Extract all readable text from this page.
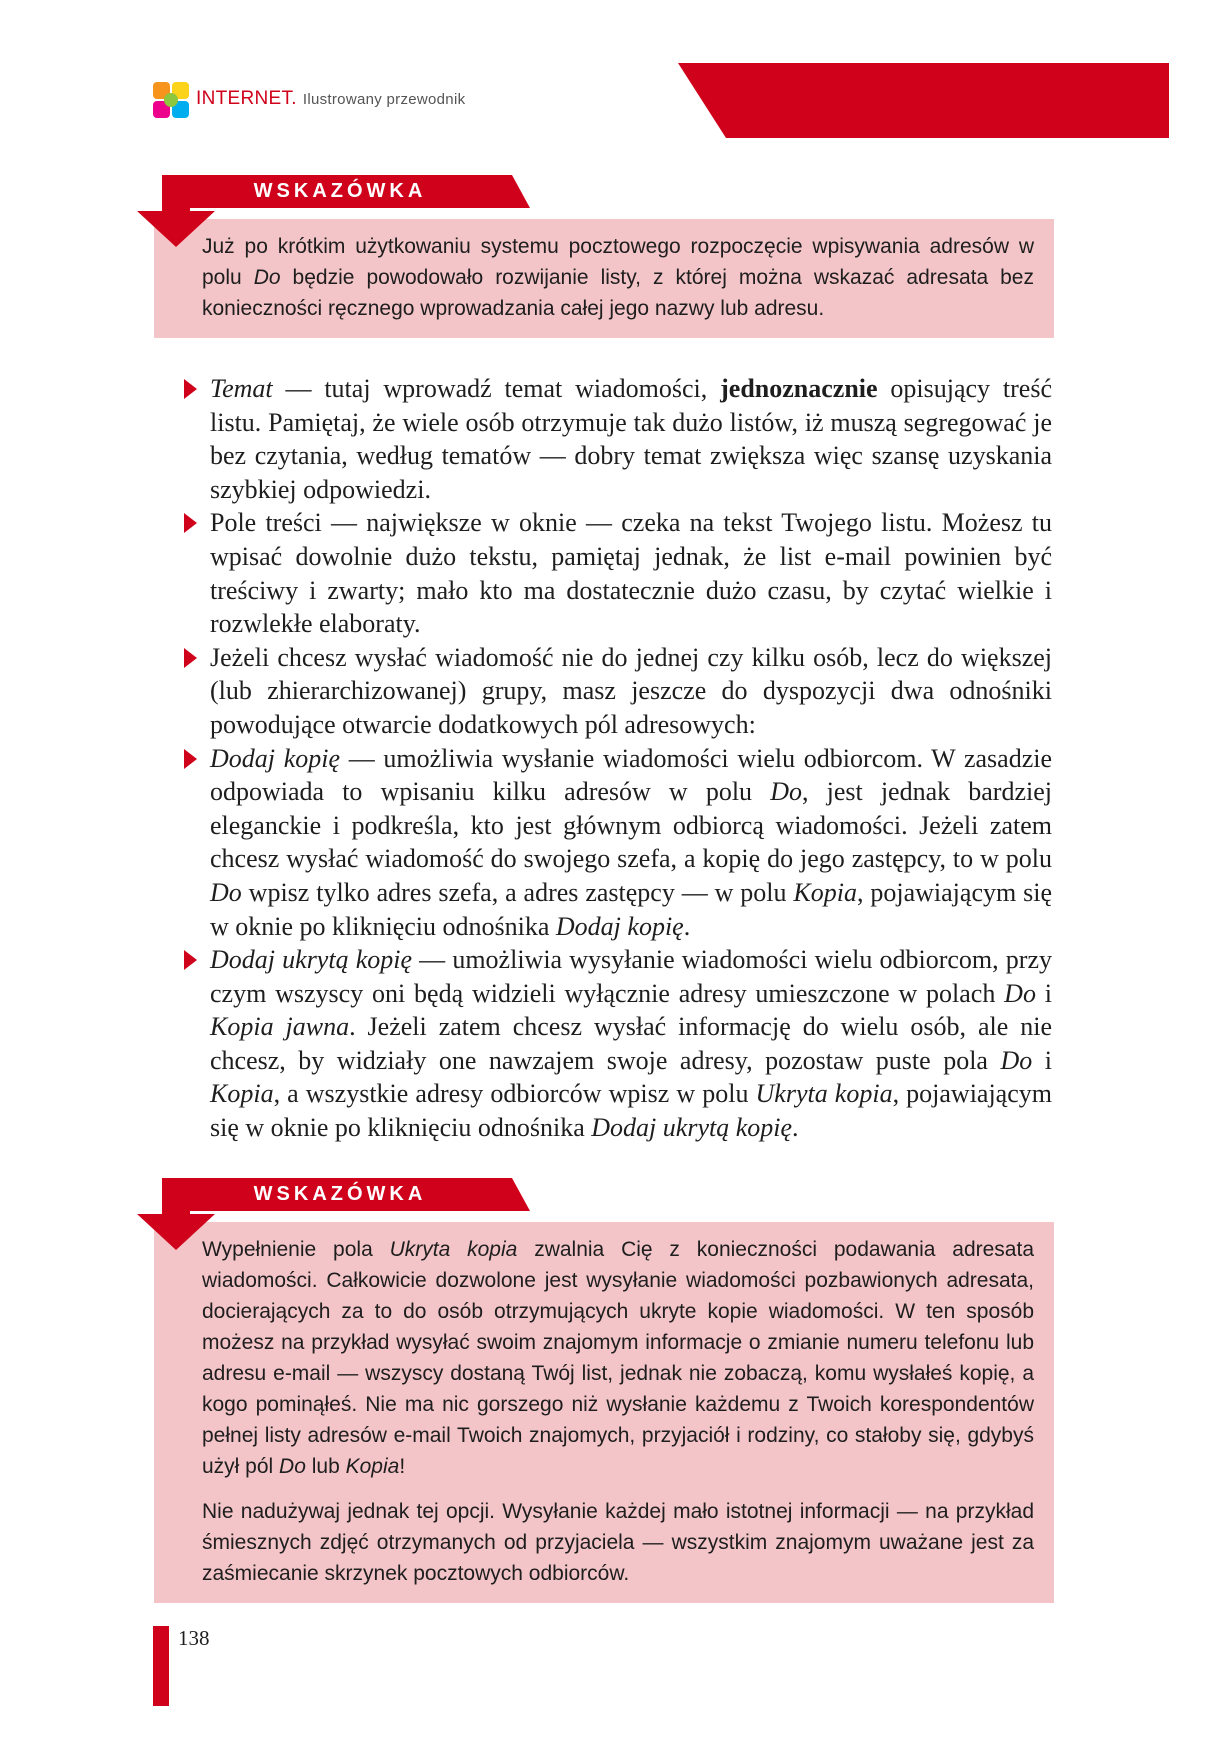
INTERNET. Ilustrowany przewodnik

Już po krótkim użytkowaniu systemu pocztowego rozpoczęcie wpisywania adresów w polu Do będzie powodowało rozwijanie listy, z której można wskazać adresata bez konieczności ręcznego wprowadzania całej jego nazwy lub adresu.

WSKAZÓWKA
Temat — tutaj wprowadź temat wiadomości, jednoznacznie opisujący treść listu. Pamiętaj, że wiele osób otrzymuje tak dużo listów, iż muszą segregować je bez czytania, według tematów — dobry temat zwiększa więc szansę uzyskania szybkiej odpowiedzi.
Pole treści — największe w oknie — czeka na tekst Twojego listu. Możesz tu wpisać dowolnie dużo tekstu, pamiętaj jednak, że list e-mail powinien być treściwy i zwarty; mało kto ma dostatecznie dużo czasu, by czytać wielkie i rozwlekłe elaboraty.
Jeżeli chcesz wysłać wiadomość nie do jednej czy kilku osób, lecz do większej (lub zhierarchizowanej) grupy, masz jeszcze do dyspozycji dwa odnośniki powodujące otwarcie dodatkowych pól adresowych:
Dodaj kopię — umożliwia wysłanie wiadomości wielu odbiorcom. W zasadzie odpowiada to wpisaniu kilku adresów w polu Do, jest jednak bardziej eleganckie i podkreśla, kto jest głównym odbiorcą wiadomości. Jeżeli zatem chcesz wysłać wiadomość do swojego szefa, a kopię do jego zastępcy, to w polu Do wpisz tylko adres szefa, a adres zastępcy — w polu Kopia, pojawiającym się w oknie po kliknięciu odnośnika Dodaj kopię.
Dodaj ukrytą kopię — umożliwia wysyłanie wiadomości wielu odbiorcom, przy czym wszyscy oni będą widzieli wyłącznie adresy umieszczone w polach Do i Kopia jawna. Jeżeli zatem chcesz wysłać informację do wielu osób, ale nie chcesz, by widziały one nawzajem swoje adresy, pozostaw puste pola Do i Kopia, a wszystkie adresy odbiorców wpisz w polu Ukryta kopia, pojawiającym się w oknie po kliknięciu odnośnika Dodaj ukrytą kopię.

Wypełnienie pola Ukryta kopia zwalnia Cię z konieczności podawania adresata wiadomości. Całkowicie dozwolone jest wysyłanie wiadomości pozbawionych adresata, docierających za to do osób otrzymujących ukryte kopie wiadomości. W ten sposób możesz na przykład wysyłać swoim znajomym informacje o zmianie numeru telefonu lub adresu e-mail — wszyscy dostaną Twój list, jednak nie zobaczą, komu wysłałeś kopię, a kogo pominąłeś. Nie ma nic gorszego niż wysłanie każdemu z Twoich korespondentów pełnej listy adresów e-mail Twoich znajomych, przyjaciół i rodziny, co stałoby się, gdybyś użył pól Do lub Kopia!

Nie nadużywaj jednak tej opcji. Wysyłanie każdej mało istotnej informacji — na przykład śmiesznych zdjęć otrzymanych od przyjaciela — wszystkim znajomym uważane jest za zaśmiecanie skrzynek pocztowych odbiorców.

WSKAZÓWKA
138
